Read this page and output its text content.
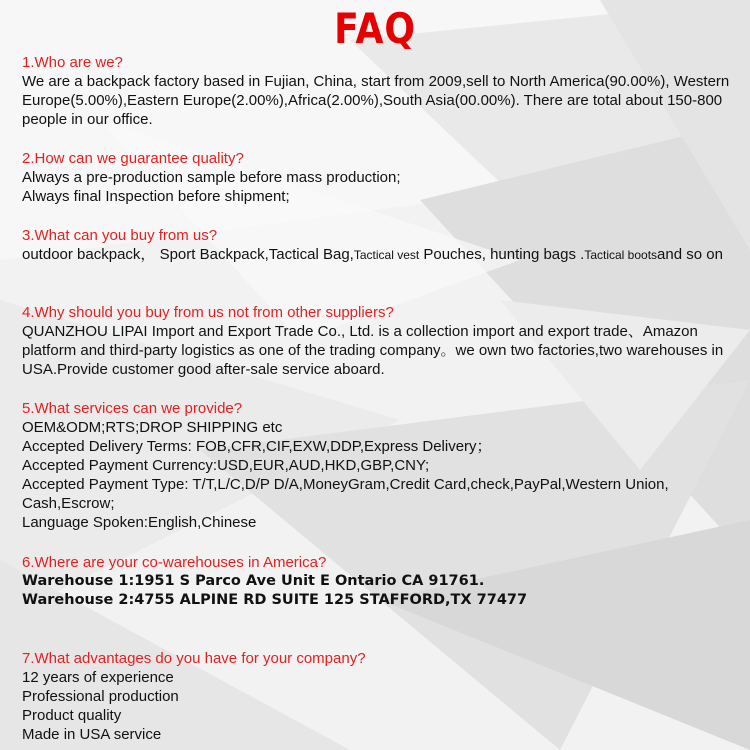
FAQ
1.Who are we?
We are a backpack factory based in Fujian, China, start from 2009,sell to North America(90.00%), Western Europe(5.00%),Eastern Europe(2.00%),Africa(2.00%),South Asia(00.00%). There are total about 150-800 people in our office.
2.How can we guarantee quality?
Always a pre-production sample before mass production;
Always final Inspection before shipment;
3.What can you buy from us?
outdoor backpack， Sport Backpack,Tactical Bag,Tactical vest Pouches, hunting bags .Tactical bootsand so on
4.Why should you buy from us not from other suppliers?
QUANZHOU LIPAI Import and Export Trade Co., Ltd. is a collection import and export trade、Amazon platform and third-party logistics as one of the trading company。we own two factories,two warehouses in USA.Provide customer good after-sale service aboard.
5.What services can we provide?
OEM&ODM;RTS;DROP SHIPPING etc
Accepted Delivery Terms: FOB,CFR,CIF,EXW,DDP,Express Delivery；
Accepted Payment Currency:USD,EUR,AUD,HKD,GBP,CNY;
Accepted Payment Type: T/T,L/C,D/P D/A,MoneyGram,Credit Card,check,PayPal,Western Union,
Cash,Escrow;
Language Spoken:English,Chinese
6.Where are your co-warehouses in America?
Warehouse 1:1951 S Parco Ave Unit E Ontario CA 91761.
Warehouse 2:4755 ALPINE RD SUITE 125 STAFFORD,TX 77477
7.What advantages do you have for your company?
12 years of experience
Professional production
Product quality
Made in USA service
